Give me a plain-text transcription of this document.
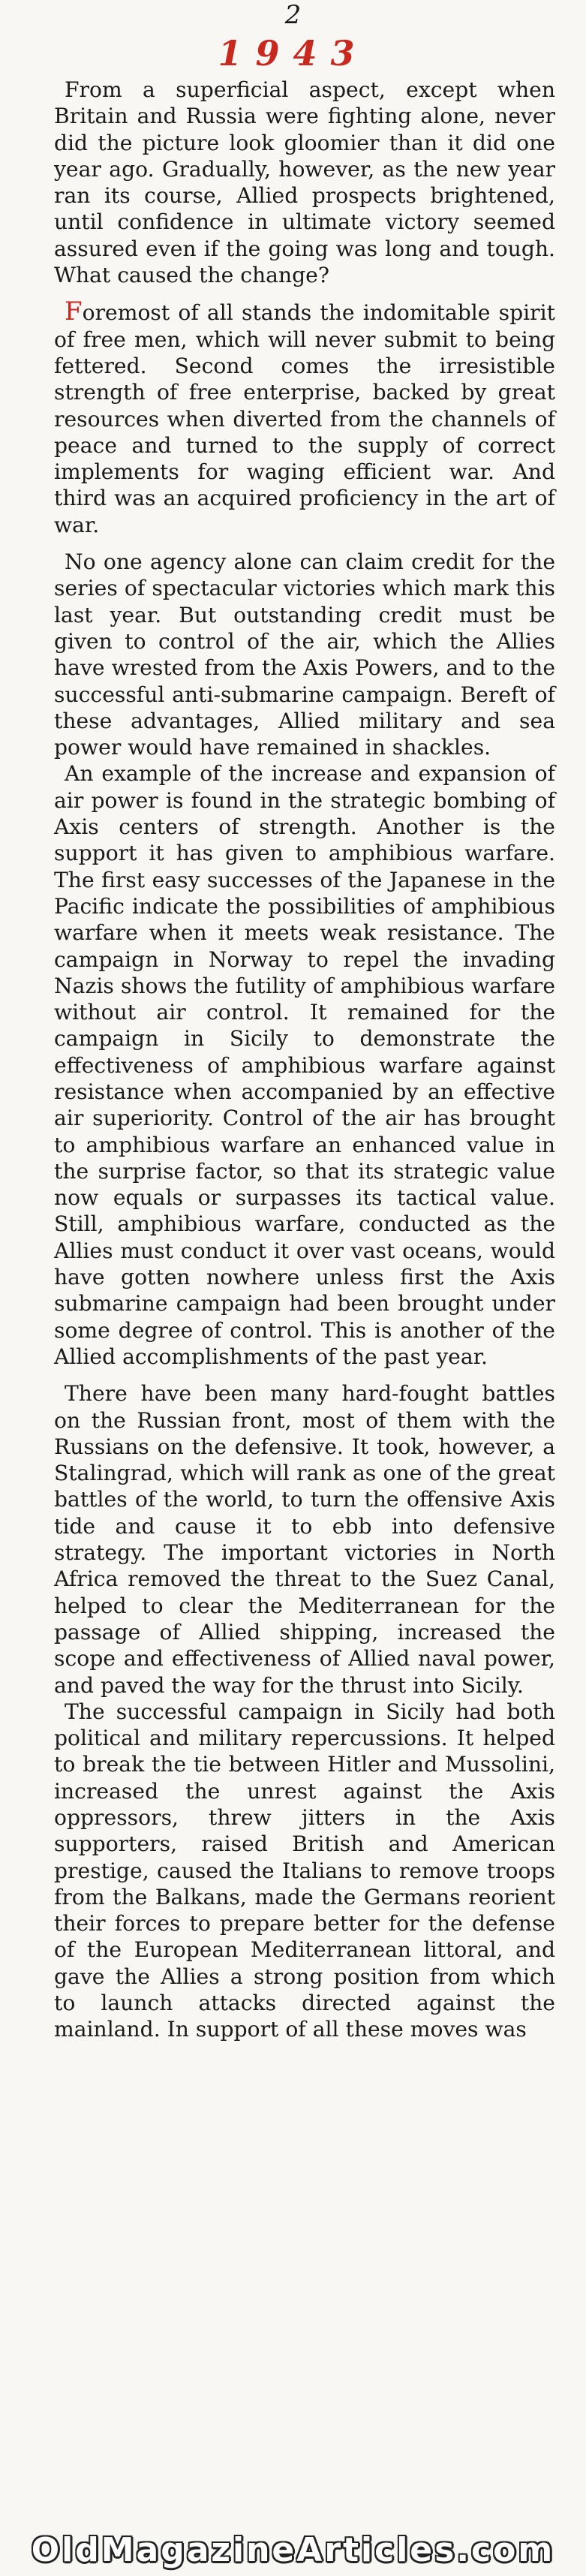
2
1943

From a superficial aspect, except when Britain and Russia were fighting alone, never did the picture look gloomier than it did one year ago. Gradually, however, as the new year ran its course, Allied prospects brightened, until confidence in ultimate victory seemed assured even if the going was long and tough. What caused the change?

Foremost of all stands the indomitable spirit of free men, which will never submit to being fettered. Second comes the irresistible strength of free enterprise, backed by great resources when diverted from the channels of peace and turned to the supply of correct implements for waging efficient war. And third was an acquired proficiency in the art of war.

No one agency alone can claim credit for the series of spectacular victories which mark this last year. But outstanding credit must be given to control of the air, which the Allies have wrested from the Axis Powers, and to the successful anti-submarine campaign. Bereft of these advantages, Allied military and sea power would have remained in shackles.

An example of the increase and expansion of air power is found in the strategic bombing of Axis centers of strength. Another is the support it has given to amphibious warfare. The first easy successes of the Japanese in the Pacific indicate the possibilities of amphibious warfare when it meets weak resistance. The campaign in Norway to repel the invading Nazis shows the futility of amphibious warfare without air control. It remained for the campaign in Sicily to demonstrate the effectiveness of amphibious warfare against resistance when accompanied by an effective air superiority. Control of the air has brought to amphibious warfare an enhanced value in the surprise factor, so that its strategic value now equals or surpasses its tactical value. Still, amphibious warfare, conducted as the Allies must conduct it over vast oceans, would have gotten nowhere unless first the Axis submarine campaign had been brought under some degree of control. This is another of the Allied accomplishments of the past year.

There have been many hard-fought battles on the Russian front, most of them with the Russians on the defensive. It took, however, a Stalingrad, which will rank as one of the great battles of the world, to turn the offensive Axis tide and cause it to ebb into defensive strategy. The important victories in North Africa removed the threat to the Suez Canal, helped to clear the Mediterranean for the passage of Allied shipping, increased the scope and effectiveness of Allied naval power, and paved the way for the thrust into Sicily.

The successful campaign in Sicily had both political and military repercussions. It helped to break the tie between Hitler and Mussolini, increased the unrest against the Axis oppressors, threw jitters in the Axis supporters, raised British and American prestige, caused the Italians to remove troops from the Balkans, made the Germans reorient their forces to prepare better for the defense of the European Mediterranean littoral, and gave the Allies a strong position from which to launch attacks directed against the mainland. In support of all these moves was

OldMagazineArticles.com
